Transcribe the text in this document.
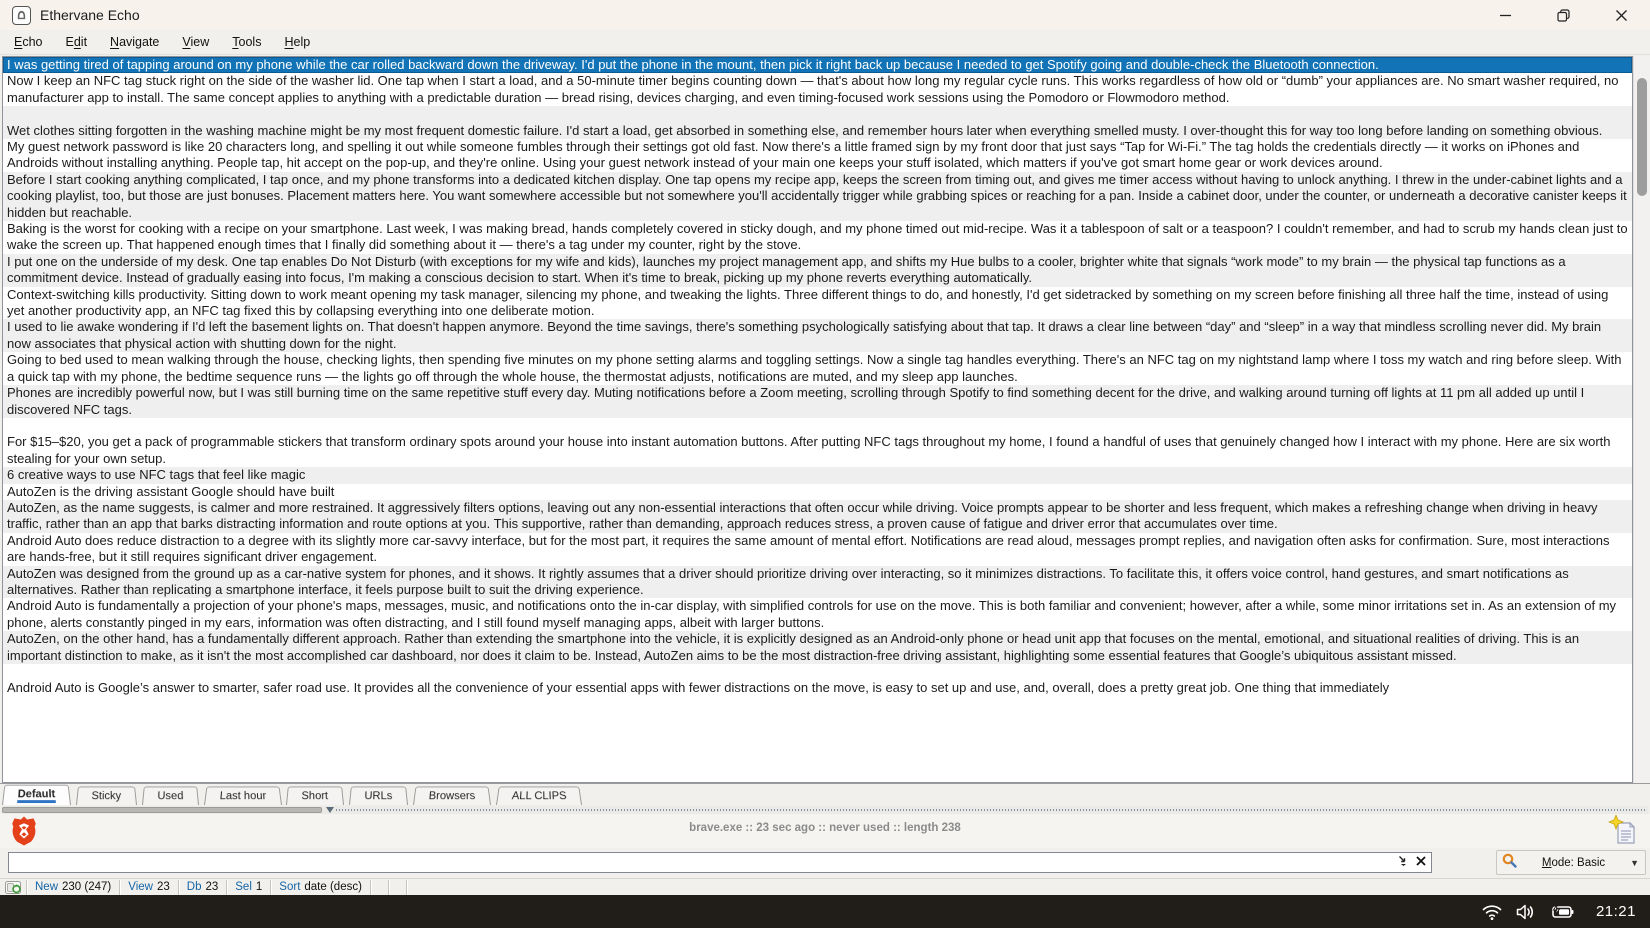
Ethervane Echo
Echo	Edit	Navigate	View	Tools	Help
I was getting tired of tapping around on my phone while the car rolled backward down the driveway. I'd put the phone in the mount, then pick it right back up because I needed to get Spotify going and double-check the Bluetooth connection.
Now I keep an NFC tag stuck right on the side of the washer lid. One tap when I start a load, and a 50-minute timer begins counting down — that's about how long my regular cycle runs. This works regardless of how old or “dumb” your appliances are. No smart washer required, no manufacturer app to install. The same concept applies to anything with a predictable duration — bread rising, devices charging, and even timing-focused work sessions using the Pomodoro or Flowmodoro method.
Wet clothes sitting forgotten in the washing machine might be my most frequent domestic failure. I'd start a load, get absorbed in something else, and remember hours later when everything smelled musty. I over-thought this for way too long before landing on something obvious.
My guest network password is like 20 characters long, and spelling it out while someone fumbles through their settings got old fast. Now there's a little framed sign by my front door that just says “Tap for Wi-Fi.” The tag holds the credentials directly — it works on iPhones and Androids without installing anything. People tap, hit accept on the pop-up, and they're online. Using your guest network instead of your main one keeps your stuff isolated, which matters if you've got smart home gear or work devices around.
Before I start cooking anything complicated, I tap once, and my phone transforms into a dedicated kitchen display. One tap opens my recipe app, keeps the screen from timing out, and gives me timer access without having to unlock anything. I threw in the under-cabinet lights and a cooking playlist, too, but those are just bonuses. Placement matters here. You want somewhere accessible but not somewhere you'll accidentally trigger while grabbing spices or reaching for a pan. Inside a cabinet door, under the counter, or underneath a decorative canister keeps it hidden but reachable.
Baking is the worst for cooking with a recipe on your smartphone. Last week, I was making bread, hands completely covered in sticky dough, and my phone timed out mid-recipe. Was it a tablespoon of salt or a teaspoon? I couldn't remember, and had to scrub my hands clean just to wake the screen up. That happened enough times that I finally did something about it — there's a tag under my counter, right by the stove.
I put one on the underside of my desk. One tap enables Do Not Disturb (with exceptions for my wife and kids), launches my project management app, and shifts my Hue bulbs to a cooler, brighter white that signals “work mode” to my brain — the physical tap functions as a commitment device. Instead of gradually easing into focus, I'm making a conscious decision to start. When it's time to break, picking up my phone reverts everything automatically.
Context-switching kills productivity. Sitting down to work meant opening my task manager, silencing my phone, and tweaking the lights. Three different things to do, and honestly, I'd get sidetracked by something on my screen before finishing all three half the time, instead of using yet another productivity app, an NFC tag fixed this by collapsing everything into one deliberate motion.
I used to lie awake wondering if I'd left the basement lights on. That doesn't happen anymore. Beyond the time savings, there's something psychologically satisfying about that tap. It draws a clear line between “day” and “sleep” in a way that mindless scrolling never did. My brain now associates that physical action with shutting down for the night.
Going to bed used to mean walking through the house, checking lights, then spending five minutes on my phone setting alarms and toggling settings. Now a single tag handles everything. There's an NFC tag on my nightstand lamp where I toss my watch and ring before sleep. With a quick tap with my phone, the bedtime sequence runs — the lights go off through the whole house, the thermostat adjusts, notifications are muted, and my sleep app launches.
Phones are incredibly powerful now, but I was still burning time on the same repetitive stuff every day. Muting notifications before a Zoom meeting, scrolling through Spotify to find something decent for the drive, and walking around turning off lights at 11 pm all added up until I discovered NFC tags.
For $15–$20, you get a pack of programmable stickers that transform ordinary spots around your house into instant automation buttons. After putting NFC tags throughout my home, I found a handful of uses that genuinely changed how I interact with my phone. Here are six worth stealing for your own setup.
6 creative ways to use NFC tags that feel like magic
AutoZen is the driving assistant Google should have built
AutoZen, as the name suggests, is calmer and more restrained. It aggressively filters options, leaving out any non-essential interactions that often occur while driving. Voice prompts appear to be shorter and less frequent, which makes a refreshing change when driving in heavy traffic, rather than an app that barks distracting information and route options at you. This supportive, rather than demanding, approach reduces stress, a proven cause of fatigue and driver error that accumulates over time.
Android Auto does reduce distraction to a degree with its slightly more car-savvy interface, but for the most part, it requires the same amount of mental effort. Notifications are read aloud, messages prompt replies, and navigation often asks for confirmation. Sure, most interactions are hands-free, but it still requires significant driver engagement.
AutoZen was designed from the ground up as a car-native system for phones, and it shows. It rightly assumes that a driver should prioritize driving over interacting, so it minimizes distractions. To facilitate this, it offers voice control, hand gestures, and smart notifications as alternatives. Rather than replicating a smartphone interface, it feels purpose built to suit the driving experience.
Android Auto is fundamentally a projection of your phone's maps, messages, music, and notifications onto the in-car display, with simplified controls for use on the move. This is both familiar and convenient; however, after a while, some minor irritations set in. As an extension of my phone, alerts constantly pinged in my ears, information was often distracting, and I still found myself managing apps, albeit with larger buttons.
AutoZen, on the other hand, has a fundamentally different approach. Rather than extending the smartphone into the vehicle, it is explicitly designed as an Android-only phone or head unit app that focuses on the mental, emotional, and situational realities of driving. This is an important distinction to make, as it isn't the most accomplished car dashboard, nor does it claim to be. Instead, AutoZen aims to be the most distraction-free driving assistant, highlighting some essential features that Google’s ubiquitous assistant missed.
Android Auto is Google’s answer to smarter, safer road use. It provides all the convenience of your essential apps with fewer distractions on the move, is easy to set up and use, and, overall, does a pretty great job. One thing that immediately
Default	Sticky	Used	Last hour	Short	URLs	Browsers	ALL CLIPS
brave.exe :: 23 sec ago :: never used :: length 238
Mode: Basic	▼
New 230 (247) View 23 Db 23 Sel 1 Sort date (desc)
21:21
